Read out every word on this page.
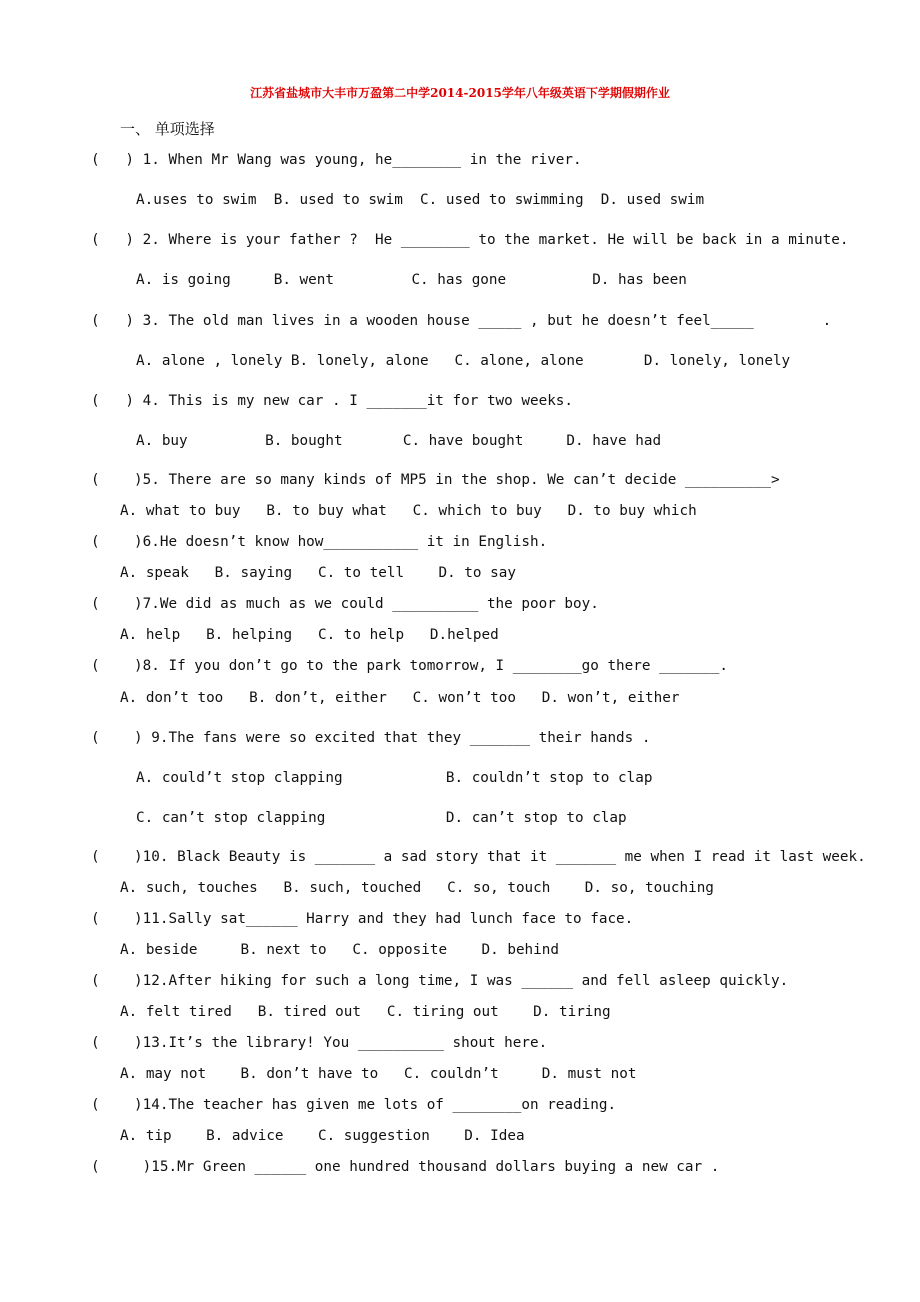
江苏省盐城市大丰市万盈第二中学2014-2015学年八年级英语下学期假期作业
一、 单项选择
(   ) 1. When Mr Wang was young, he________ in the river.
A.uses to swim  B. used to swim  C. used to swimming  D. used swim
(   ) 2. Where is your father ?  He ________ to the market. He will be back in a minute.
A. is going     B. went         C. has gone          D. has been
(   ) 3. The old man lives in a wooden house _____ , but he doesn’t feel_____        .
A. alone , lonely B. lonely, alone   C. alone, alone       D. lonely, lonely
(   ) 4. This is my new car . I _______it for two weeks.
A. buy         B. bought       C. have bought     D. have had
(    )5. There are so many kinds of MP5 in the shop. We can’t decide __________>
A. what to buy   B. to buy what   C. which to buy   D. to buy which
(    )6.He doesn’t know how___________ it in English.
A. speak   B. saying   C. to tell    D. to say
(    )7.We did as much as we could __________ the poor boy.
A. help   B. helping   C. to help   D.helped
(    )8. If you don’t go to the park tomorrow, I ________go there _______.
A. don’t too   B. don’t, either   C. won’t too   D. won’t, either
(    ) 9.The fans were so excited that they _______ their hands .
A. could’t stop clapping            B. couldn’t stop to clap
C. can’t stop clapping              D. can’t stop to clap
(    )10. Black Beauty is _______ a sad story that it _______ me when I read it last week.
A. such, touches   B. such, touched   C. so, touch    D. so, touching
(    )11.Sally sat______ Harry and they had lunch face to face.
A. beside     B. next to   C. opposite    D. behind
(    )12.After hiking for such a long time, I was ______ and fell asleep quickly.
A. felt tired   B. tired out   C. tiring out    D. tiring
(    )13.It’s the library! You __________ shout here.
A. may not    B. don’t have to   C. couldn’t     D. must not
(    )14.The teacher has given me lots of ________on reading.
A. tip    B. advice    C. suggestion    D. Idea
(     )15.Mr Green ______ one hundred thousand dollars buying a new car .
